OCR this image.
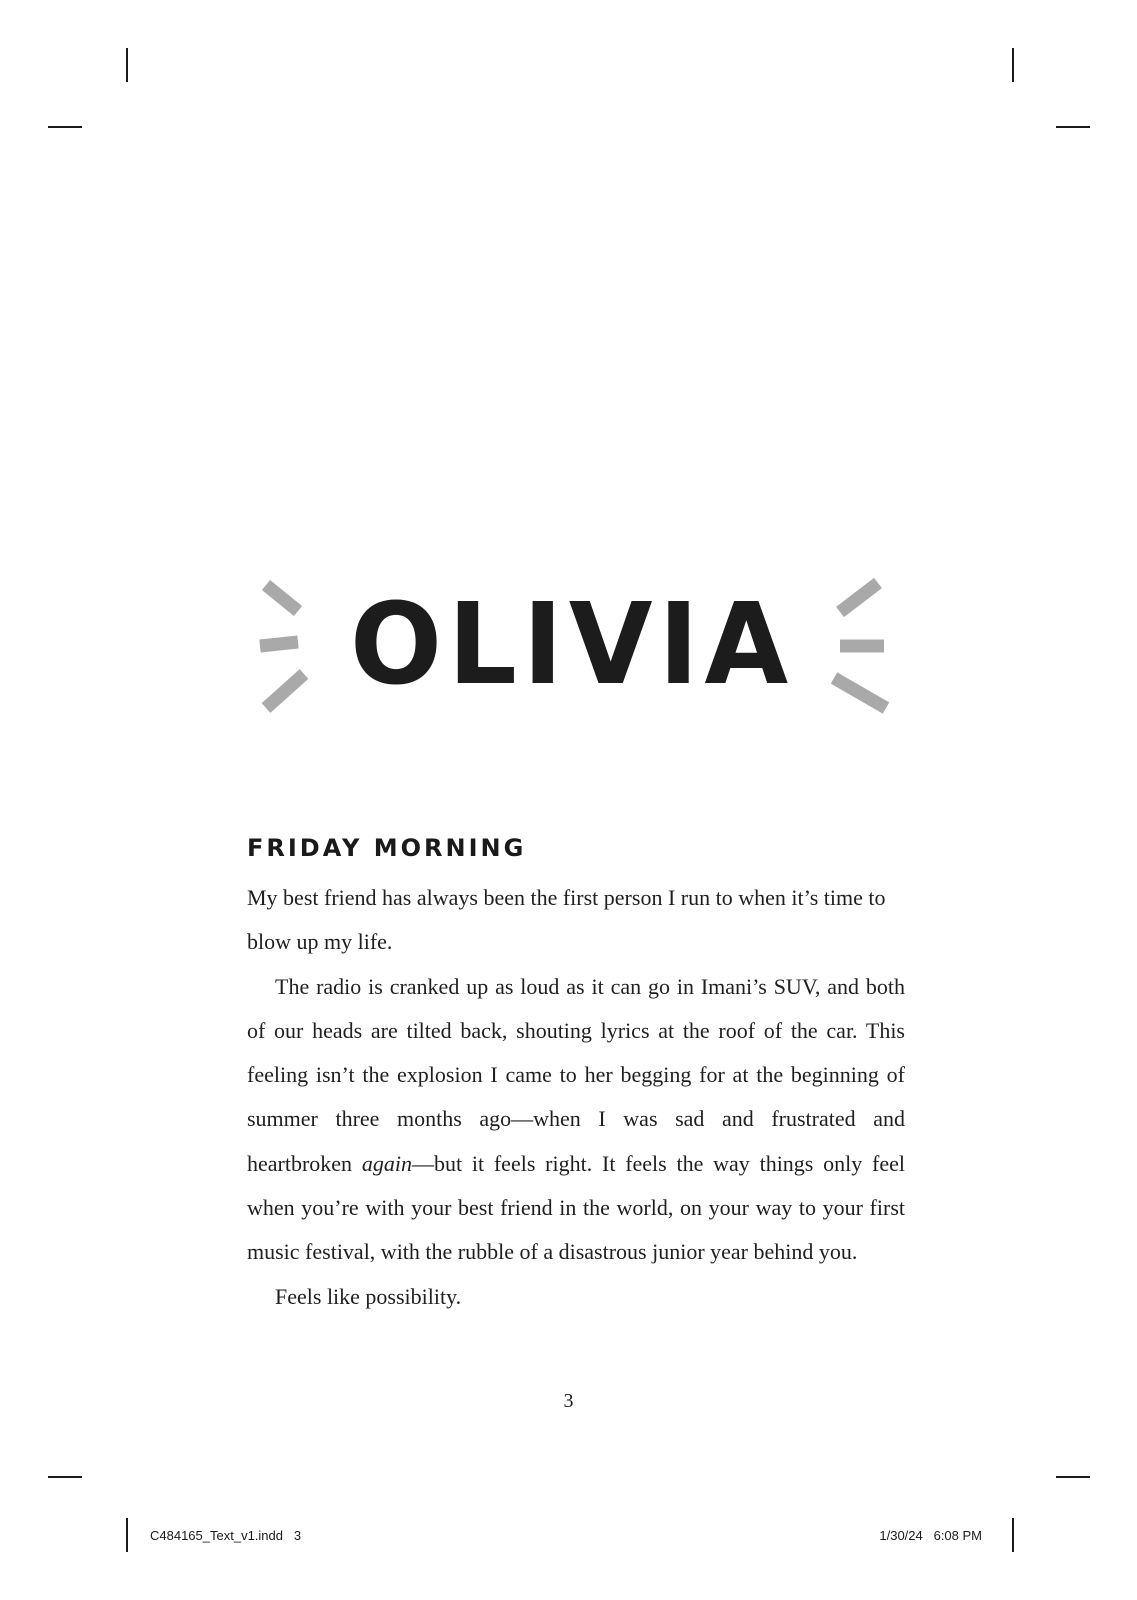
OLIVIA
FRIDAY MORNING

My best friend has always been the first person I run to when it’s time to blow up my life.

The radio is cranked up as loud as it can go in Imani’s SUV, and both of our heads are tilted back, shouting lyrics at the roof of the car. This feeling isn’t the explosion I came to her begging for at the beginning of summer three months ago—when I was sad and frustrated and heartbroken again—but it feels right. It feels the way things only feel when you’re with your best friend in the world, on your way to your first music festival, with the rubble of a disastrous junior year behind you.

Feels like possibility.

3
C484165_Text_v1.indd   3	1/30/24   6:08 PM
